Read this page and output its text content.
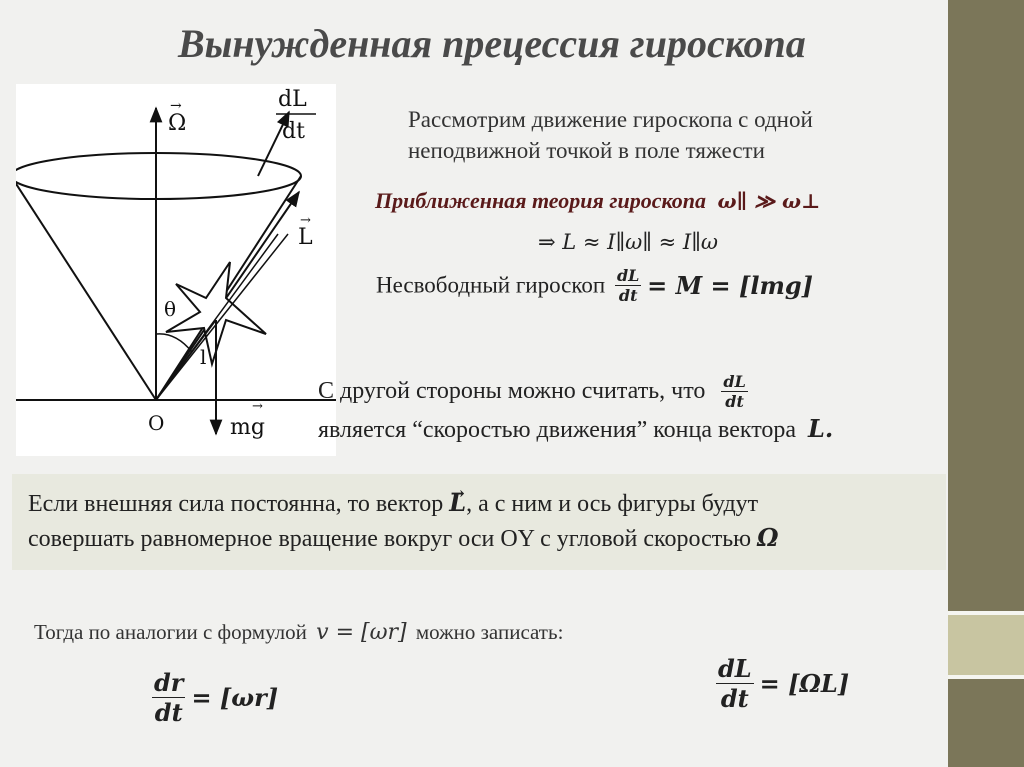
Вынужденная прецессия гироскопа
Ω
→	dL
dt
L
→
θ
l
O	mg
→
Рассмотрим движение гироскопа с одной
неподвижной точкой в поле тяжести
Приближенная теория гироскопа ω∥ ≫ ω⊥
⇒ L ≈ I∥ω∥ ≈ I∥ω
Несвободный гироскоп $\frac{dL}{dt} = M = [lmg]$
С другой стороны можно считать, что $\frac{dL}{dt}$
является “скоростью движения” конца вектора L.
Если внешняя сила постоянна, то вектор → L, а с ним и ось фигуры будут
совершать равномерное вращение вокруг оси OY с угловой скоростью Ω
Тогда по аналогии с формулой v = [ωr] можно записать:
$\frac{dr}{dt} = [\omega r]$	$\frac{dL}{dt} = [\Omega L]$
